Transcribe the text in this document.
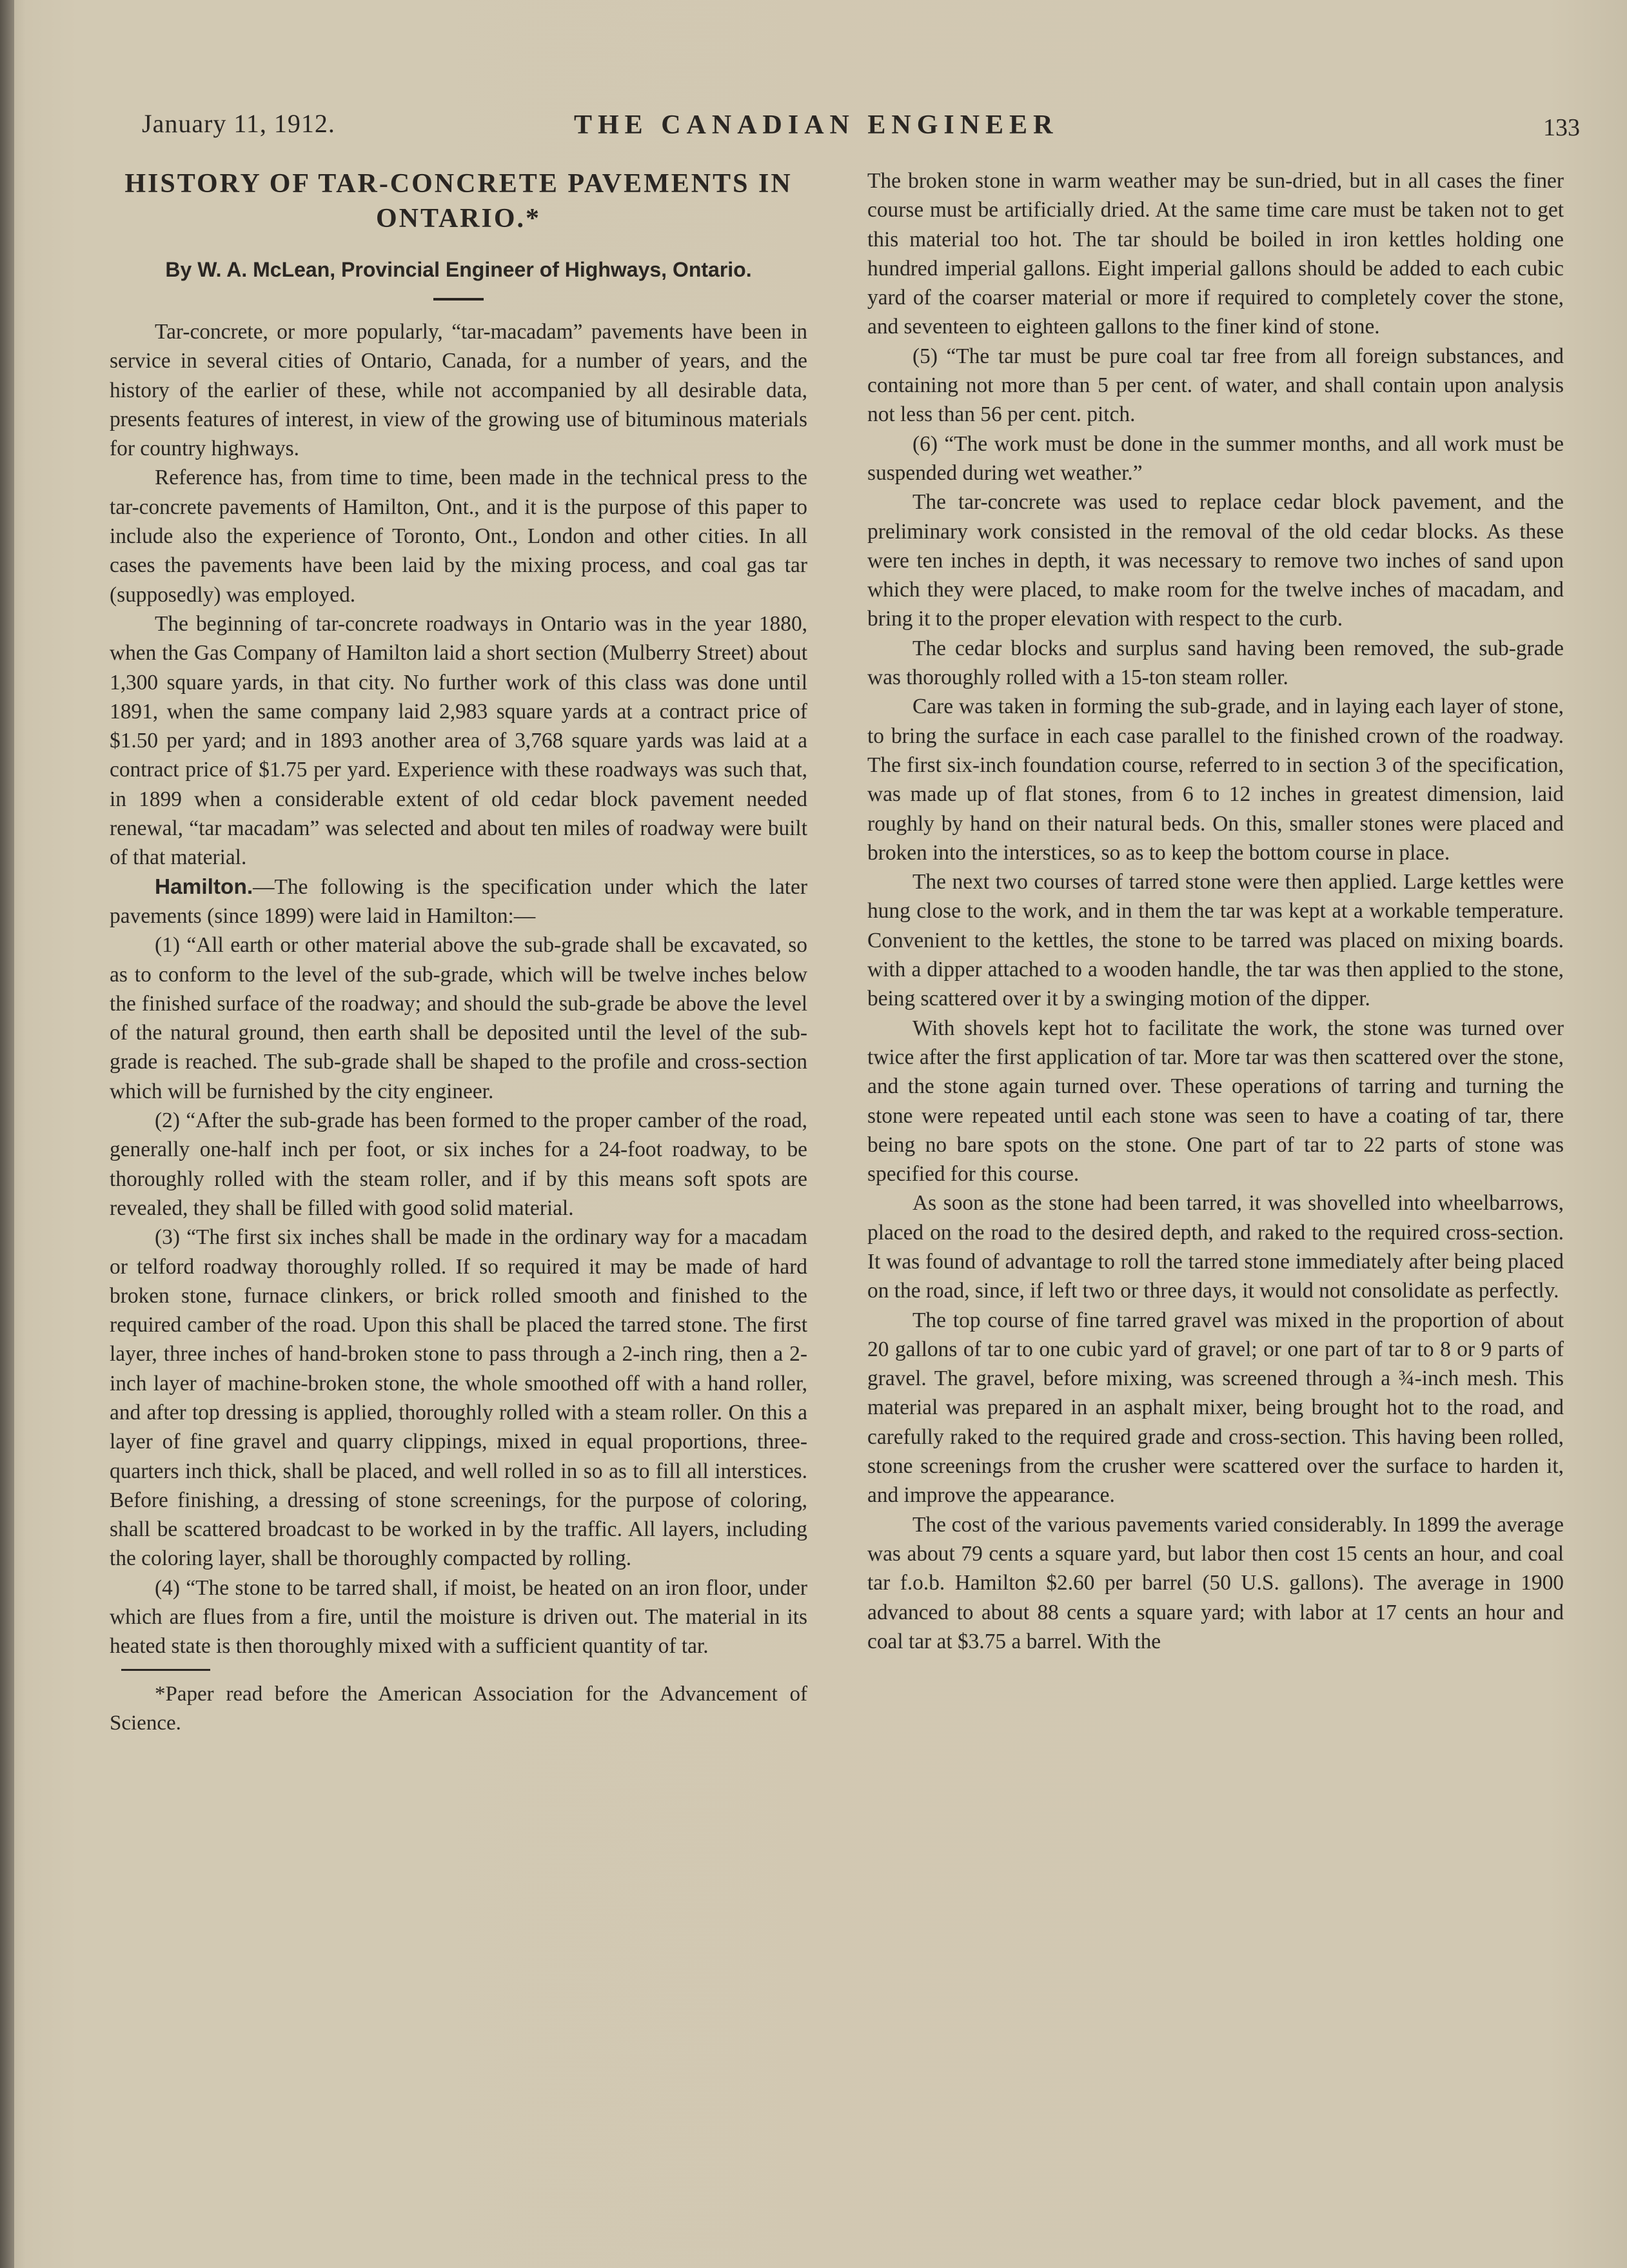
January 11, 1912.	THE CANADIAN ENGINEER	133
HISTORY OF TAR-CONCRETE PAVEMENTS IN ONTARIO.*
By W. A. McLean, Provincial Engineer of Highways, Ontario.

Tar-concrete, or more popularly, “tar-macadam” pavements have been in service in several cities of Ontario, Canada, for a number of years, and the history of the earlier of these, while not accompanied by all desirable data, presents features of interest, in view of the growing use of bituminous materials for country highways.

Reference has, from time to time, been made in the technical press to the tar-concrete pavements of Hamilton, Ont., and it is the purpose of this paper to include also the experience of Toronto, Ont., London and other cities. In all cases the pavements have been laid by the mixing process, and coal gas tar (supposedly) was employed.

The beginning of tar-concrete roadways in Ontario was in the year 1880, when the Gas Company of Hamilton laid a short section (Mulberry Street) about 1,300 square yards, in that city. No further work of this class was done until 1891, when the same company laid 2,983 square yards at a contract price of $1.50 per yard; and in 1893 another area of 3,768 square yards was laid at a contract price of $1.75 per yard. Experience with these roadways was such that, in 1899 when a considerable extent of old cedar block pavement needed renewal, “tar macadam” was selected and about ten miles of roadway were built of that material.

Hamilton.—The following is the specification under which the later pavements (since 1899) were laid in Hamilton:—

(1) “All earth or other material above the sub-grade shall be excavated, so as to conform to the level of the sub-grade, which will be twelve inches below the finished surface of the roadway; and should the sub-grade be above the level of the natural ground, then earth shall be deposited until the level of the sub-grade is reached. The sub-grade shall be shaped to the profile and cross-section which will be furnished by the city engineer.

(2) “After the sub-grade has been formed to the proper camber of the road, generally one-half inch per foot, or six inches for a 24-foot roadway, to be thoroughly rolled with the steam roller, and if by this means soft spots are revealed, they shall be filled with good solid material.

(3) “The first six inches shall be made in the ordinary way for a macadam or telford roadway thoroughly rolled. If so required it may be made of hard broken stone, furnace clinkers, or brick rolled smooth and finished to the required camber of the road. Upon this shall be placed the tarred stone. The first layer, three inches of hand-broken stone to pass through a 2-inch ring, then a 2-inch layer of machine-broken stone, the whole smoothed off with a hand roller, and after top dressing is applied, thoroughly rolled with a steam roller. On this a layer of fine gravel and quarry clippings, mixed in equal proportions, three-quarters inch thick, shall be placed, and well rolled in so as to fill all interstices. Before finishing, a dressing of stone screenings, for the purpose of coloring, shall be scattered broadcast to be worked in by the traffic. All layers, including the coloring layer, shall be thoroughly compacted by rolling.

(4) “The stone to be tarred shall, if moist, be heated on an iron floor, under which are flues from a fire, until the moisture is driven out. The material in its heated state is then thoroughly mixed with a sufficient quantity of tar.

*Paper read before the American Association for the Advancement of Science.

The broken stone in warm weather may be sun-dried, but in all cases the finer course must be artificially dried. At the same time care must be taken not to get this material too hot. The tar should be boiled in iron kettles holding one hundred imperial gallons. Eight imperial gallons should be added to each cubic yard of the coarser material or more if required to completely cover the stone, and seventeen to eighteen gallons to the finer kind of stone.

(5) “The tar must be pure coal tar free from all foreign substances, and containing not more than 5 per cent. of water, and shall contain upon analysis not less than 56 per cent. pitch.

(6) “The work must be done in the summer months, and all work must be suspended during wet weather.”

The tar-concrete was used to replace cedar block pavement, and the preliminary work consisted in the removal of the old cedar blocks. As these were ten inches in depth, it was necessary to remove two inches of sand upon which they were placed, to make room for the twelve inches of macadam, and bring it to the proper elevation with respect to the curb.

The cedar blocks and surplus sand having been removed, the sub-grade was thoroughly rolled with a 15-ton steam roller.

Care was taken in forming the sub-grade, and in laying each layer of stone, to bring the surface in each case parallel to the finished crown of the roadway. The first six-inch foundation course, referred to in section 3 of the specification, was made up of flat stones, from 6 to 12 inches in greatest dimension, laid roughly by hand on their natural beds. On this, smaller stones were placed and broken into the interstices, so as to keep the bottom course in place.

The next two courses of tarred stone were then applied. Large kettles were hung close to the work, and in them the tar was kept at a workable temperature. Convenient to the kettles, the stone to be tarred was placed on mixing boards. with a dipper attached to a wooden handle, the tar was then applied to the stone, being scattered over it by a swinging motion of the dipper.

With shovels kept hot to facilitate the work, the stone was turned over twice after the first application of tar. More tar was then scattered over the stone, and the stone again turned over. These operations of tarring and turning the stone were repeated until each stone was seen to have a coating of tar, there being no bare spots on the stone. One part of tar to 22 parts of stone was specified for this course.

As soon as the stone had been tarred, it was shovelled into wheelbarrows, placed on the road to the desired depth, and raked to the required cross-section. It was found of advantage to roll the tarred stone immediately after being placed on the road, since, if left two or three days, it would not consolidate as perfectly.

The top course of fine tarred gravel was mixed in the proportion of about 20 gallons of tar to one cubic yard of gravel; or one part of tar to 8 or 9 parts of gravel. The gravel, before mixing, was screened through a ¾-inch mesh. This material was prepared in an asphalt mixer, being brought hot to the road, and carefully raked to the required grade and cross-section. This having been rolled, stone screenings from the crusher were scattered over the surface to harden it, and improve the appearance.

The cost of the various pavements varied considerably. In 1899 the average was about 79 cents a square yard, but labor then cost 15 cents an hour, and coal tar f.o.b. Hamilton $2.60 per barrel (50 U.S. gallons). The average in 1900 advanced to about 88 cents a square yard; with labor at 17 cents an hour and coal tar at $3.75 a barrel. With the
